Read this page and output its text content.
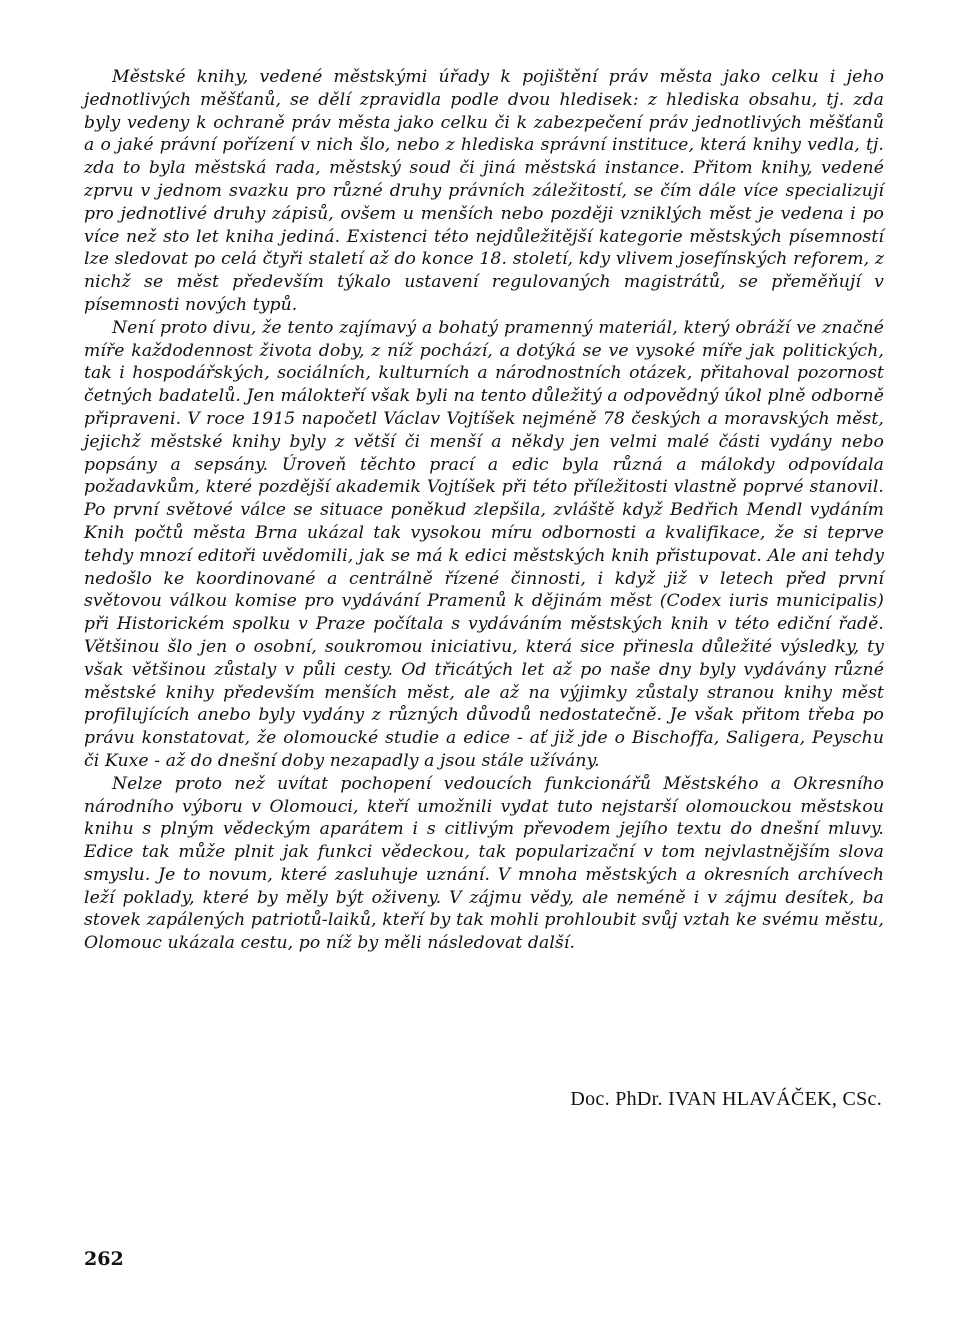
Městské knihy, vedené městskými úřady k pojištění práv města jako celku i jeho jednotlivých měšťanů, se dělí zpravidla podle dvou hledisek: z hlediska obsahu, tj. zda byly vedeny k ochraně práv města jako celku či k zabezpečení práv jednotlivých měšťanů a o jaké právní pořízení v nich šlo, nebo z hlediska správní instituce, která knihy vedla, tj. zda to byla městská rada, městský soud či jiná městská instance. Přitom knihy, vedené zprvu v jednom svazku pro různé druhy právních záležitostí, se čím dále více specializují pro jednotlivé druhy zápisů, ovšem u menších nebo později vzniklých měst je vedena i po více než sto let kniha jediná. Existenci této nejdůležitější kategorie městských písemností lze sledovat po celá čtyři staletí až do konce 18. století, kdy vlivem josefínských reforem, z nichž se měst především týkalo ustavení regulovaných magistrátů, se přeměňují v písemnosti nových typů.

Není proto divu, že tento zajímavý a bohatý pramenný materiál, který obráží ve značné míře každodennost života doby, z níž pochází, a dotýká se ve vysoké míře jak politických, tak i hospodářských, sociálních, kulturních a národnostních otázek, přitahoval pozornost četných badatelů. Jen málokteří však byli na tento důležitý a odpovědný úkol plně odborně připraveni. V roce 1915 napočetl Václav Vojtíšek nejméně 78 českých a moravských měst, jejichž městské knihy byly z větší či menší a někdy jen velmi malé části vydány nebo popsány a sepsány. Úroveň těchto prací a edic byla různá a málokdy odpovídala požadavkům, které pozdější akademik Vojtíšek při této příležitosti vlastně poprvé stanovil. Po první světové válce se situace poněkud zlepšila, zvláště když Bedřich Mendl vydáním Knih počtů města Brna ukázal tak vysokou míru odbornosti a kvalifikace, že si teprve tehdy mnozí editoři uvědomili, jak se má k edici městských knih přistupovat. Ale ani tehdy nedošlo ke koordinované a centrálně řízené činnosti, i když již v letech před první světovou válkou komise pro vydávání Pramenů k dějinám měst (Codex iuris municipalis) při Historickém spolku v Praze počítala s vydáváním městských knih v této ediční řadě. Většinou šlo jen o osobní, soukromou iniciativu, která sice přinesla důležité výsledky, ty však většinou zůstaly v půli cesty. Od třicátých let až po naše dny byly vydávány různé městské knihy především menších měst, ale až na výjimky zůstaly stranou knihy měst profilujících anebo byly vydány z různých důvodů nedostatečně. Je však přitom třeba po právu konstatovat, že olomoucké studie a edice - ať již jde o Bischoffa, Saligera, Peyschu či Kuxe - až do dnešní doby nezapadly a jsou stále užívány.

Nelze proto než uvítat pochopení vedoucích funkcionářů Městského a Okresního národního výboru v Olomouci, kteří umožnili vydat tuto nejstarší olomouckou městskou knihu s plným vědeckým aparátem i s citlivým převodem jejího textu do dnešní mluvy. Edice tak může plnit jak funkci vědeckou, tak popularizační v tom nejvlastnějším slova smyslu. Je to novum, které zasluhuje uznání. V mnoha městských a okresních archívech leží poklady, které by měly být oživeny. V zájmu vědy, ale neméně i v zájmu desítek, ba stovek zapálených patriotů-laiků, kteří by tak mohli prohloubit svůj vztah ke svému městu, Olomouc ukázala cestu, po níž by měli následovat další.

Doc. PhDr. IVAN HLAVÁČEK, CSc.
262
